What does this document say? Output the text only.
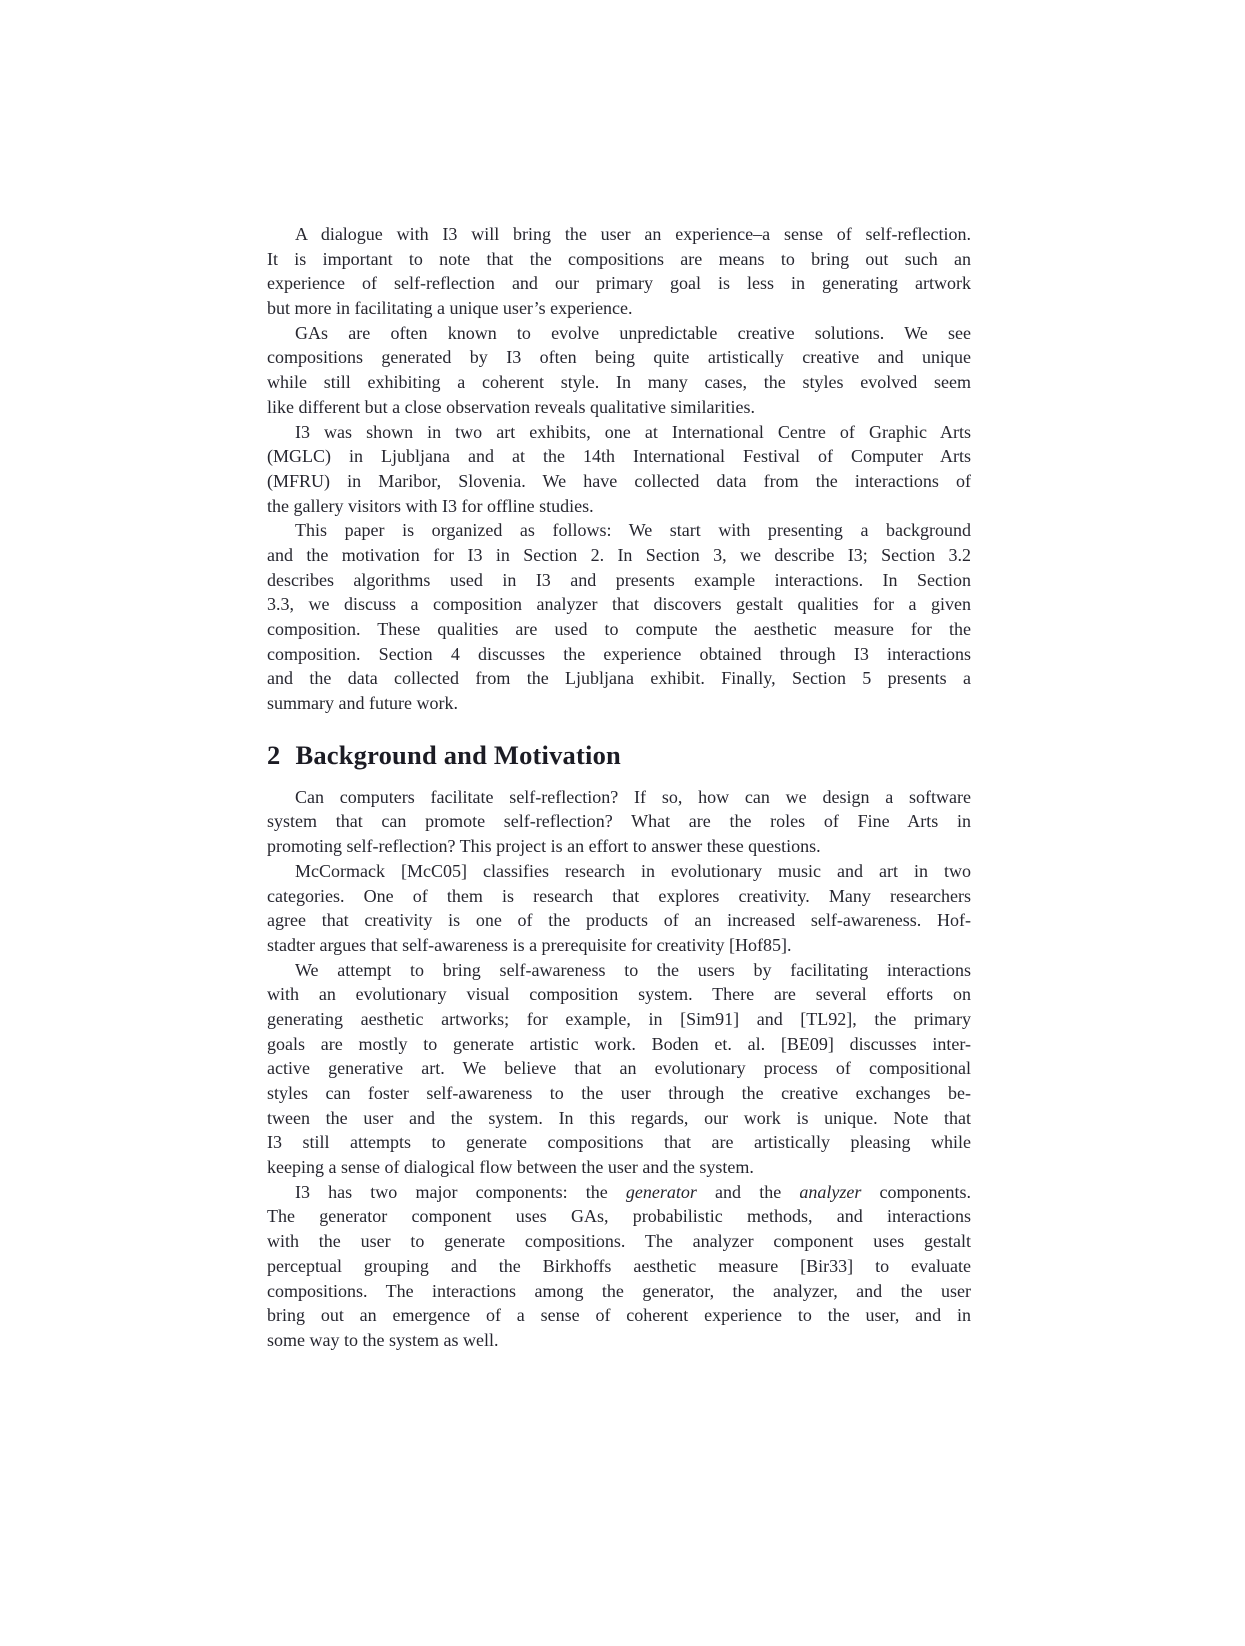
A dialogue with I3 will bring the user an experience–a sense of self-reflection.
It is important to note that the compositions are means to bring out such an
experience of self-reflection and our primary goal is less in generating artwork
but more in facilitating a unique user’s experience.
GAs are often known to evolve unpredictable creative solutions. We see
compositions generated by I3 often being quite artistically creative and unique
while still exhibiting a coherent style. In many cases, the styles evolved seem
like different but a close observation reveals qualitative similarities.
I3 was shown in two art exhibits, one at International Centre of Graphic Arts
(MGLC) in Ljubljana and at the 14th International Festival of Computer Arts
(MFRU) in Maribor, Slovenia. We have collected data from the interactions of
the gallery visitors with I3 for offline studies.
This paper is organized as follows: We start with presenting a background
and the motivation for I3 in Section 2. In Section 3, we describe I3; Section 3.2
describes algorithms used in I3 and presents example interactions. In Section
3.3, we discuss a composition analyzer that discovers gestalt qualities for a given
composition. These qualities are used to compute the aesthetic measure for the
composition. Section 4 discusses the experience obtained through I3 interactions
and the data collected from the Ljubljana exhibit. Finally, Section 5 presents a
summary and future work.
2 Background and Motivation
Can computers facilitate self-reflection? If so, how can we design a software
system that can promote self-reflection? What are the roles of Fine Arts in
promoting self-reflection? This project is an effort to answer these questions.
McCormack [McC05] classifies research in evolutionary music and art in two
categories. One of them is research that explores creativity. Many researchers
agree that creativity is one of the products of an increased self-awareness. Hof-
stadter argues that self-awareness is a prerequisite for creativity [Hof85].
We attempt to bring self-awareness to the users by facilitating interactions
with an evolutionary visual composition system. There are several efforts on
generating aesthetic artworks; for example, in [Sim91] and [TL92], the primary
goals are mostly to generate artistic work. Boden et. al. [BE09] discusses inter-
active generative art. We believe that an evolutionary process of compositional
styles can foster self-awareness to the user through the creative exchanges be-
tween the user and the system. In this regards, our work is unique. Note that
I3 still attempts to generate compositions that are artistically pleasing while
keeping a sense of dialogical flow between the user and the system.
I3 has two major components: the generator and the analyzer components.
The generator component uses GAs, probabilistic methods, and interactions
with the user to generate compositions. The analyzer component uses gestalt
perceptual grouping and the Birkhoffs aesthetic measure [Bir33] to evaluate
compositions. The interactions among the generator, the analyzer, and the user
bring out an emergence of a sense of coherent experience to the user, and in
some way to the system as well.
